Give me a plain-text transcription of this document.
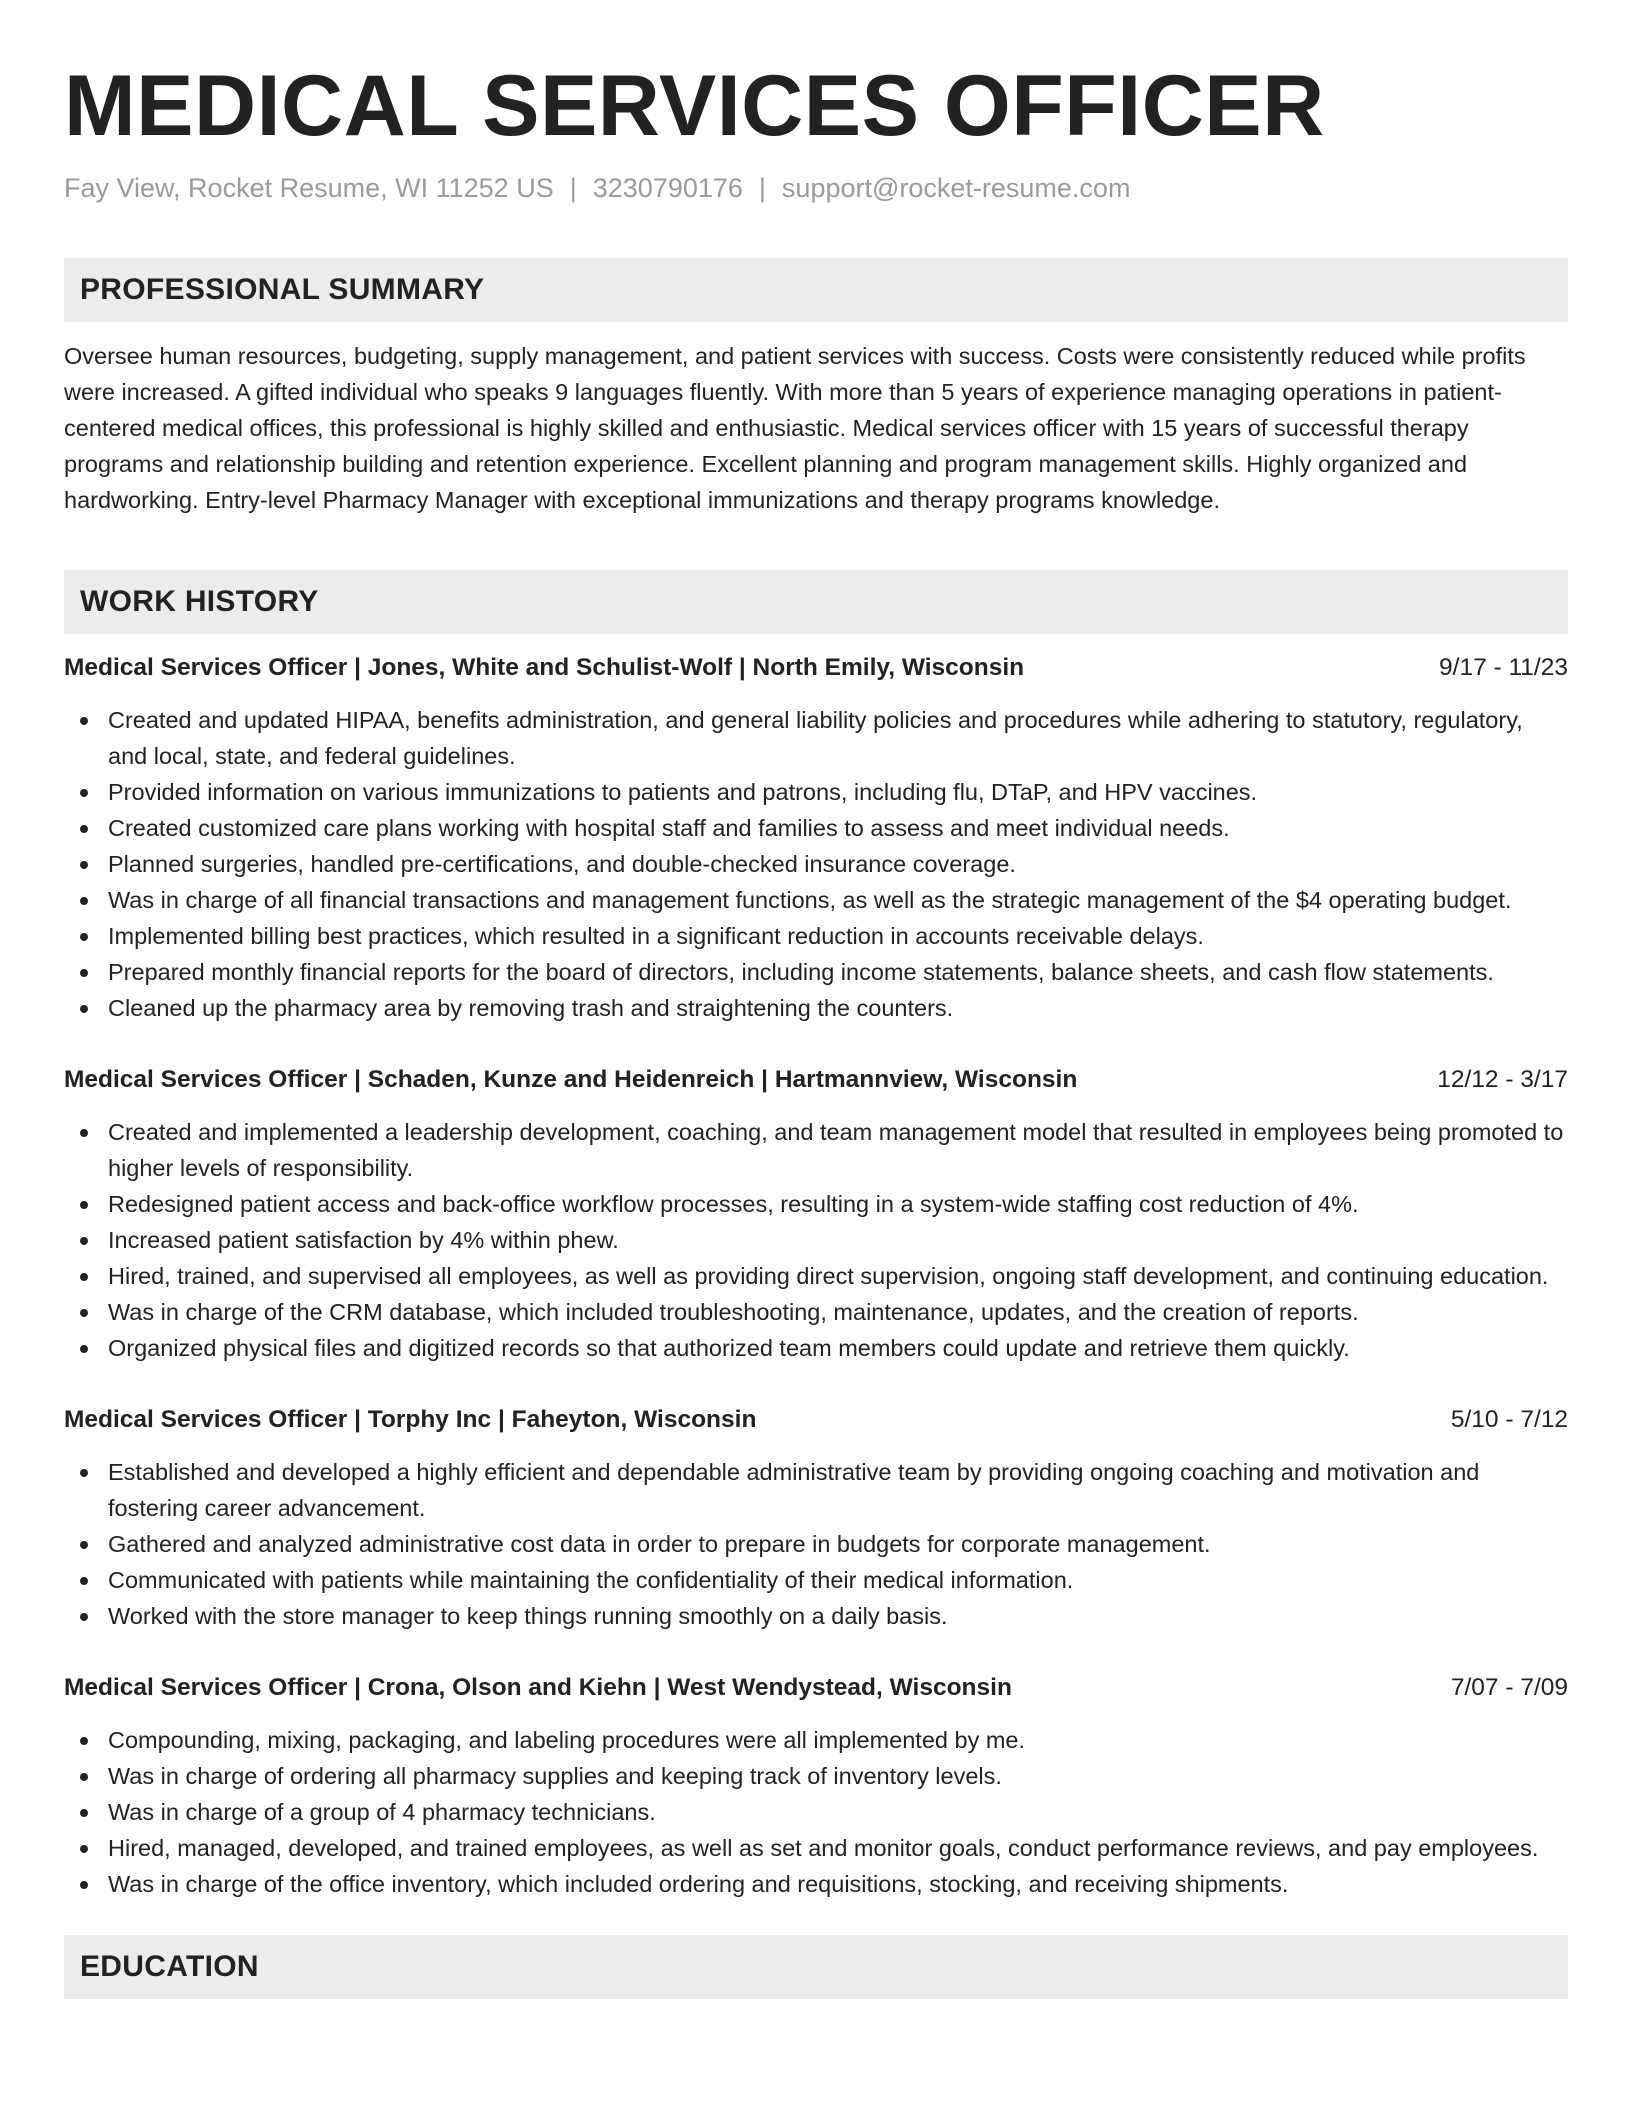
MEDICAL SERVICES OFFICER
Fay View, Rocket Resume, WI 11252 US | 3230790176 | support@rocket-resume.com
PROFESSIONAL SUMMARY

Oversee human resources, budgeting, supply management, and patient services with success. Costs were consistently reduced while profits were increased. A gifted individual who speaks 9 languages fluently. With more than 5 years of experience managing operations in patient-centered medical offices, this professional is highly skilled and enthusiastic. Medical services officer with 15 years of successful therapy programs and relationship building and retention experience. Excellent planning and program management skills. Highly organized and hardworking. Entry-level Pharmacy Manager with exceptional immunizations and therapy programs knowledge.

WORK HISTORY
Medical Services Officer | Jones, White and Schulist-Wolf | North Emily, Wisconsin	9/17 - 11/23
Created and updated HIPAA, benefits administration, and general liability policies and procedures while adhering to statutory, regulatory, and local, state, and federal guidelines.
Provided information on various immunizations to patients and patrons, including flu, DTaP, and HPV vaccines.
Created customized care plans working with hospital staff and families to assess and meet individual needs.
Planned surgeries, handled pre-certifications, and double-checked insurance coverage.
Was in charge of all financial transactions and management functions, as well as the strategic management of the $4 operating budget.
Implemented billing best practices, which resulted in a significant reduction in accounts receivable delays.
Prepared monthly financial reports for the board of directors, including income statements, balance sheets, and cash flow statements.
Cleaned up the pharmacy area by removing trash and straightening the counters.
Medical Services Officer | Schaden, Kunze and Heidenreich | Hartmannview, Wisconsin	12/12 - 3/17
Created and implemented a leadership development, coaching, and team management model that resulted in employees being promoted to higher levels of responsibility.
Redesigned patient access and back-office workflow processes, resulting in a system-wide staffing cost reduction of 4%.
Increased patient satisfaction by 4% within phew.
Hired, trained, and supervised all employees, as well as providing direct supervision, ongoing staff development, and continuing education.
Was in charge of the CRM database, which included troubleshooting, maintenance, updates, and the creation of reports.
Organized physical files and digitized records so that authorized team members could update and retrieve them quickly.
Medical Services Officer | Torphy Inc | Faheyton, Wisconsin	5/10 - 7/12
Established and developed a highly efficient and dependable administrative team by providing ongoing coaching and motivation and fostering career advancement.
Gathered and analyzed administrative cost data in order to prepare in budgets for corporate management.
Communicated with patients while maintaining the confidentiality of their medical information.
Worked with the store manager to keep things running smoothly on a daily basis.
Medical Services Officer | Crona, Olson and Kiehn | West Wendystead, Wisconsin	7/07 - 7/09
Compounding, mixing, packaging, and labeling procedures were all implemented by me.
Was in charge of ordering all pharmacy supplies and keeping track of inventory levels.
Was in charge of a group of 4 pharmacy technicians.
Hired, managed, developed, and trained employees, as well as set and monitor goals, conduct performance reviews, and pay employees.
Was in charge of the office inventory, which included ordering and requisitions, stocking, and receiving shipments.
EDUCATION
